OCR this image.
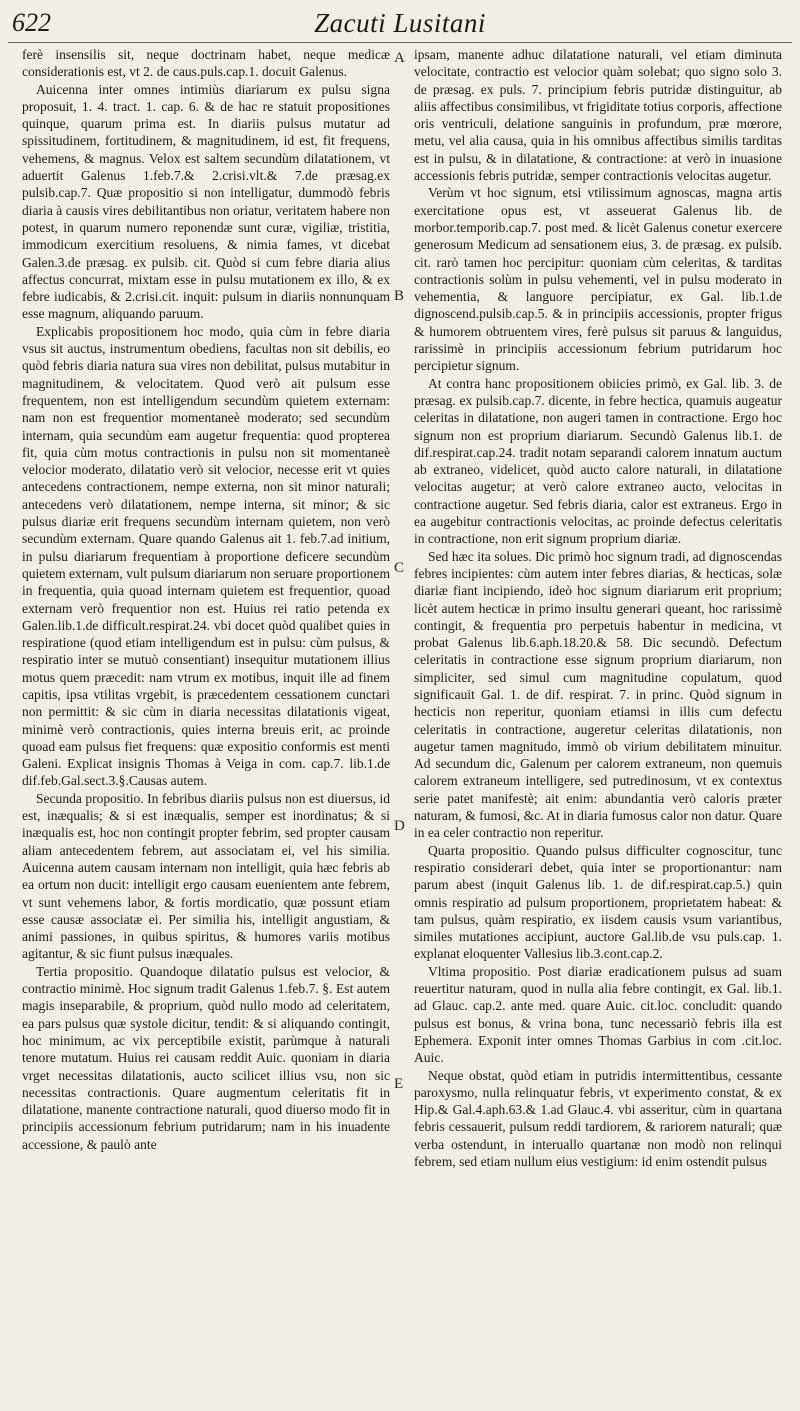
622	Zacuti Lusitani
A
B
C
D
E

ferè insensilis sit, neque doctrinam habet, neque medicæ considerationis est, vt 2. de caus.puls.cap.1. docuit Galenus.

Auicenna inter omnes intimiùs diariarum ex pulsu signa proposuit, 1. 4. tract. 1. cap. 6. & de hac re statuit propositiones quinque, quarum prima est. In diariis pulsus mutatur ad spissitudinem, fortitudinem, & magnitudinem, id est, fit frequens, vehemens, & magnus. Velox est saltem secundùm dilatationem, vt aduertit Galenus 1.feb.7.& 2.crisi.vlt.& 7.de præsag.ex pulsib.cap.7. Quæ propositio si non intelligatur, dummodò febris diaria à causis vires debilitantibus non oriatur, veritatem habere non potest, in quarum numero reponendæ sunt curæ, vigiliæ, tristitia, immodicum exercitium resoluens, & nimia fames, vt dicebat Galen.3.de præsag. ex pulsib. cit. Quòd si cum febre diaria alius affectus concurrat, mixtam esse in pulsu mutationem ex illo, & ex febre iudicabis, & 2.crisi.cit. inquit: pulsum in diariis nonnunquam esse magnum, aliquando paruum.

Explicabis propositionem hoc modo, quia cùm in febre diaria vsus sit auctus, instrumentum obediens, facultas non sit debilis, eo quòd febris diaria natura sua vires non debilitat, pulsus mutabitur in magnitudinem, & velocitatem. Quod verò ait pulsum esse frequentem, non est intelligendum secundùm quietem externam: nam non est frequentior momentaneè moderato; sed secundùm internam, quia secundùm eam augetur frequentia: quod propterea fit, quia cùm motus contractionis in pulsu non sit momentaneè velocior moderato, dilatatio verò sit velocior, necesse erit vt quies antecedens contractionem, nempe externa, non sit minor naturali; antecedens verò dilatationem, nempe interna, sit minor; & sic pulsus diariæ erit frequens secundùm internam quietem, non verò secundùm externam. Quare quando Galenus ait 1. feb.7.ad initium, in pulsu diariarum frequentiam à proportione deficere secundùm quietem externam, vult pulsum diariarum non seruare proportionem in frequentia, quia quoad internam quietem est frequentior, quoad externam verò frequentior non est. Huius rei ratio petenda ex Galen.lib.1.de difficult.respirat.24. vbi docet quòd qualibet quies in respiratione (quod etiam intelligendum est in pulsu: cùm pulsus, & respiratio inter se mutuò consentiant) insequitur mutationem illius motus quem præcedit: nam vtrum ex motibus, inquit ille ad finem capitis, ipsa vtilitas vrgebit, is præcedentem cessationem cunctari non permittit: & sic cùm in diaria necessitas dilatationis vigeat, minimè verò contractionis, quies interna breuis erit, ac proinde quoad eam pulsus fiet frequens: quæ expositio conformis est menti Galeni. Explicat insignis Thomas à Veiga in com. cap.7. lib.1.de dif.feb.Gal.sect.3.§.Causas autem.

Secunda propositio. In febribus diariis pulsus non est diuersus, id est, inæqualis; & si est inæqualis, semper est inordinatus; & si inæqualis est, hoc non contingit propter febrim, sed propter causam aliam antecedentem febrem, aut associatam ei, vel his similia. Auicenna autem causam internam non intelligit, quia hæc febris ab ea ortum non ducit: intelligit ergo causam euenientem ante febrem, vt sunt vehemens labor, & fortis mordicatio, quæ possunt etiam esse causæ associatæ ei. Per similia his, intelligit angustiam, & animi passiones, in quibus spiritus, & humores variis motibus agitantur, & sic fiunt pulsus inæquales.

Tertia propositio. Quandoque dilatatio pulsus est velocior, & contractio minimè. Hoc signum tradit Galenus 1.feb.7. §. Est autem magis inseparabile, & proprium, quòd nullo modo ad celeritatem, ea pars pulsus quæ systole dicitur, tendit: & si aliquando contingit, hoc minimum, ac vix perceptibile existit, parùmque à naturali tenore mutatum. Huius rei causam reddit Auic. quoniam in diaria vrget necessitas dilatationis, aucto scilicet illius vsu, non sic necessitas contractionis. Quare augmentum celeritatis fit in dilatatione, manente contractione naturali, quod diuerso modo fit in principiis accessionum febrium putridarum; nam in his inuadente accessione, & paulò ante

ipsam, manente adhuc dilatatione naturali, vel etiam diminuta velocitate, contractio est velocior quàm solebat; quo signo solo 3. de præsag. ex puls. 7. principium febris putridæ distinguitur, ab aliis affectibus consimilibus, vt frigiditate totius corporis, affectione oris ventriculi, delatione sanguinis in profundum, præ mœrore, metu, vel alia causa, quia in his omnibus affectibus similis tarditas est in pulsu, & in dilatatione, & contractione: at verò in inuasione accessionis febris putridæ, semper contractionis velocitas augetur.

Verùm vt hoc signum, etsi vtilissimum agnoscas, magna artis exercitatione opus est, vt asseuerat Galenus lib. de morbor.temporib.cap.7. post med. & licèt Galenus conetur exercere generosum Medicum ad sensationem eius, 3. de præsag. ex pulsib. cit. rarò tamen hoc percipitur: quoniam cùm celeritas, & tarditas contractionis solùm in pulsu vehementi, vel in pulsu moderato in vehementia, & languore percipiatur, ex Gal. lib.1.de dignoscend.pulsib.cap.5. & in principiis accessionis, propter frigus & humorem obtruentem vires, ferè pulsus sit paruus & languidus, rarissimè in principiis accessionum febrium putridarum hoc percipietur signum.

At contra hanc propositionem obiicies primò, ex Gal. lib. 3. de præsag. ex pulsib.cap.7. dicente, in febre hectica, quamuis augeatur celeritas in dilatatione, non augeri tamen in contractione. Ergo hoc signum non est proprium diariarum. Secundò Galenus lib.1. de dif.respirat.cap.24. tradit notam separandi calorem innatum auctum ab extraneo, videlicet, quòd aucto calore naturali, in dilatatione velocitas augetur; at verò calore extraneo aucto, velocitas in contractione augetur. Sed febris diaria, calor est extraneus. Ergo in ea augebitur contractionis velocitas, ac proinde defectus celeritatis in contractione, non erit signum proprium diariæ.

Sed hæc ita solues. Dic primò hoc signum tradi, ad dignoscendas febres incipientes: cùm autem inter febres diarias, & hecticas, solæ diariæ fiant incipiendo, ideò hoc signum diariarum erit proprium; licèt autem hecticæ in primo insultu generari queant, hoc rarissimè contingit, & frequentia pro perpetuis habentur in medicina, vt probat Galenus lib.6.aph.18.20.& 58. Dic secundò. Defectum celeritatis in contractione esse signum proprium diariarum, non simpliciter, sed simul cum magnitudine copulatum, quod significauit Gal. 1. de dif. respirat. 7. in princ. Quòd signum in hecticis non reperitur, quoniam etiamsi in illis cum defectu celeritatis in contractione, augeretur celeritas dilatationis, non augetur tamen magnitudo, immò ob virium debilitatem minuitur. Ad secundum dic, Galenum per calorem extraneum, non quemuis calorem extraneum intelligere, sed putredinosum, vt ex contextus serie patet manifestè; ait enim: abundantia verò caloris præter naturam, & fumosi, &c. At in diaria fumosus calor non datur. Quare in ea celer contractio non reperitur.

Quarta propositio. Quando pulsus difficulter cognoscitur, tunc respiratio considerari debet, quia inter se proportionantur: nam parum abest (inquit Galenus lib. 1. de dif.respirat.cap.5.) quin omnis respiratio ad pulsum proportionem, proprietatem habeat: & tam pulsus, quàm respiratio, ex iisdem causis vsum variantibus, similes mutationes accipiunt, auctore Gal.lib.de vsu puls.cap. 1. explanat eloquenter Vallesius lib.3.cont.cap.2.

Vltima propositio. Post diariæ eradicationem pulsus ad suam reuertitur naturam, quod in nulla alia febre contingit, ex Gal. lib.1. ad Glauc. cap.2. ante med. quare Auic. cit.loc. concludit: quando pulsus est bonus, & vrina bona, tunc necessariò febris illa est Ephemera. Exponit inter omnes Thomas Garbius in com .cit.loc. Auic.

Neque obstat, quòd etiam in putridis intermittentibus, cessante paroxysmo, nulla relinquatur febris, vt experimento constat, & ex Hip.& Gal.4.aph.63.& 1.ad Glauc.4. vbi asseritur, cùm in quartana febris cessauerit, pulsum reddi tardiorem, & rariorem naturali; quæ verba ostendunt, in interuallo quartanæ non modò non relinqui febrem, sed etiam nullum eius vestigium: id enim ostendit pulsus
